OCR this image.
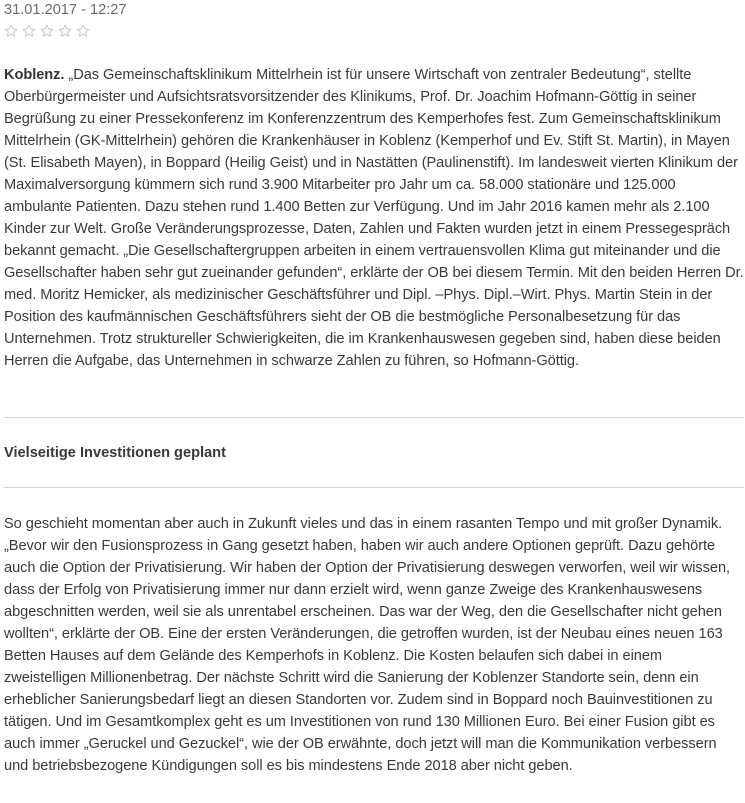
31.01.2017 - 12:27

Koblenz. „Das Gemeinschaftsklinikum Mittelrhein ist für unsere Wirtschaft von zentraler Bedeutung“, stellte Oberbürgermeister und Aufsichtsratsvorsitzender des Klinikums, Prof. Dr. Joachim Hofmann-Göttig in seiner Begrüßung zu einer Pressekonferenz im Konferenzzentrum des Kemperhofes fest. Zum Gemeinschaftsklinikum Mittelrhein (GK-Mittelrhein) gehören die Krankenhäuser in Koblenz (Kemperhof und Ev. Stift St. Martin), in Mayen (St. Elisabeth Mayen), in Boppard (Heilig Geist) und in Nastätten (Paulinenstift). Im landesweit vierten Klinikum der Maximalversorgung kümmern sich rund 3.900 Mitarbeiter pro Jahr um ca. 58.000 stationäre und 125.000 ambulante Patienten. Dazu stehen rund 1.400 Betten zur Verfügung. Und im Jahr 2016 kamen mehr als 2.100 Kinder zur Welt. Große Veränderungsprozesse, Daten, Zahlen und Fakten wurden jetzt in einem Pressegespräch bekannt gemacht. „Die Gesellschaftergruppen arbeiten in einem vertrauensvollen Klima gut miteinander und die Gesellschafter haben sehr gut zueinander gefunden“, erklärte der OB bei diesem Termin. Mit den beiden Herren Dr. med. Moritz Hemicker, als medizinischer Geschäftsführer und Dipl. –Phys. Dipl.–Wirt. Phys. Martin Stein in der Position des kaufmännischen Geschäftsführers sieht der OB die bestmögliche Personalbesetzung für das Unternehmen. Trotz struktureller Schwierigkeiten, die im Krankenhauswesen gegeben sind, haben diese beiden Herren die Aufgabe, das Unternehmen in schwarze Zahlen zu führen, so Hofmann-Göttig.

Vielseitige Investitionen geplant

So geschieht momentan aber auch in Zukunft vieles und das in einem rasanten Tempo und mit großer Dynamik. „Bevor wir den Fusionsprozess in Gang gesetzt haben, haben wir auch andere Optionen geprüft. Dazu gehörte auch die Option der Privatisierung. Wir haben der Option der Privatisierung deswegen verworfen, weil wir wissen, dass der Erfolg von Privatisierung immer nur dann erzielt wird, wenn ganze Zweige des Krankenhauswesens abgeschnitten werden, weil sie als unrentabel erscheinen. Das war der Weg, den die Gesellschafter nicht gehen wollten“, erklärte der OB. Eine der ersten Veränderungen, die getroffen wurden, ist der Neubau eines neuen 163 Betten Hauses auf dem Gelände des Kemperhofs in Koblenz. Die Kosten belaufen sich dabei in einem zweistelligen Millionenbetrag. Der nächste Schritt wird die Sanierung der Koblenzer Standorte sein, denn ein erheblicher Sanierungsbedarf liegt an diesen Standorten vor. Zudem sind in Boppard noch Bauinvestitionen zu tätigen. Und im Gesamtkomplex geht es um Investitionen von rund 130 Millionen Euro. Bei einer Fusion gibt es auch immer „Geruckel und Gezuckel“, wie der OB erwähnte, doch jetzt will man die Kommunikation verbessern und betriebsbezogene Kündigungen soll es bis mindestens Ende 2018 aber nicht geben.
